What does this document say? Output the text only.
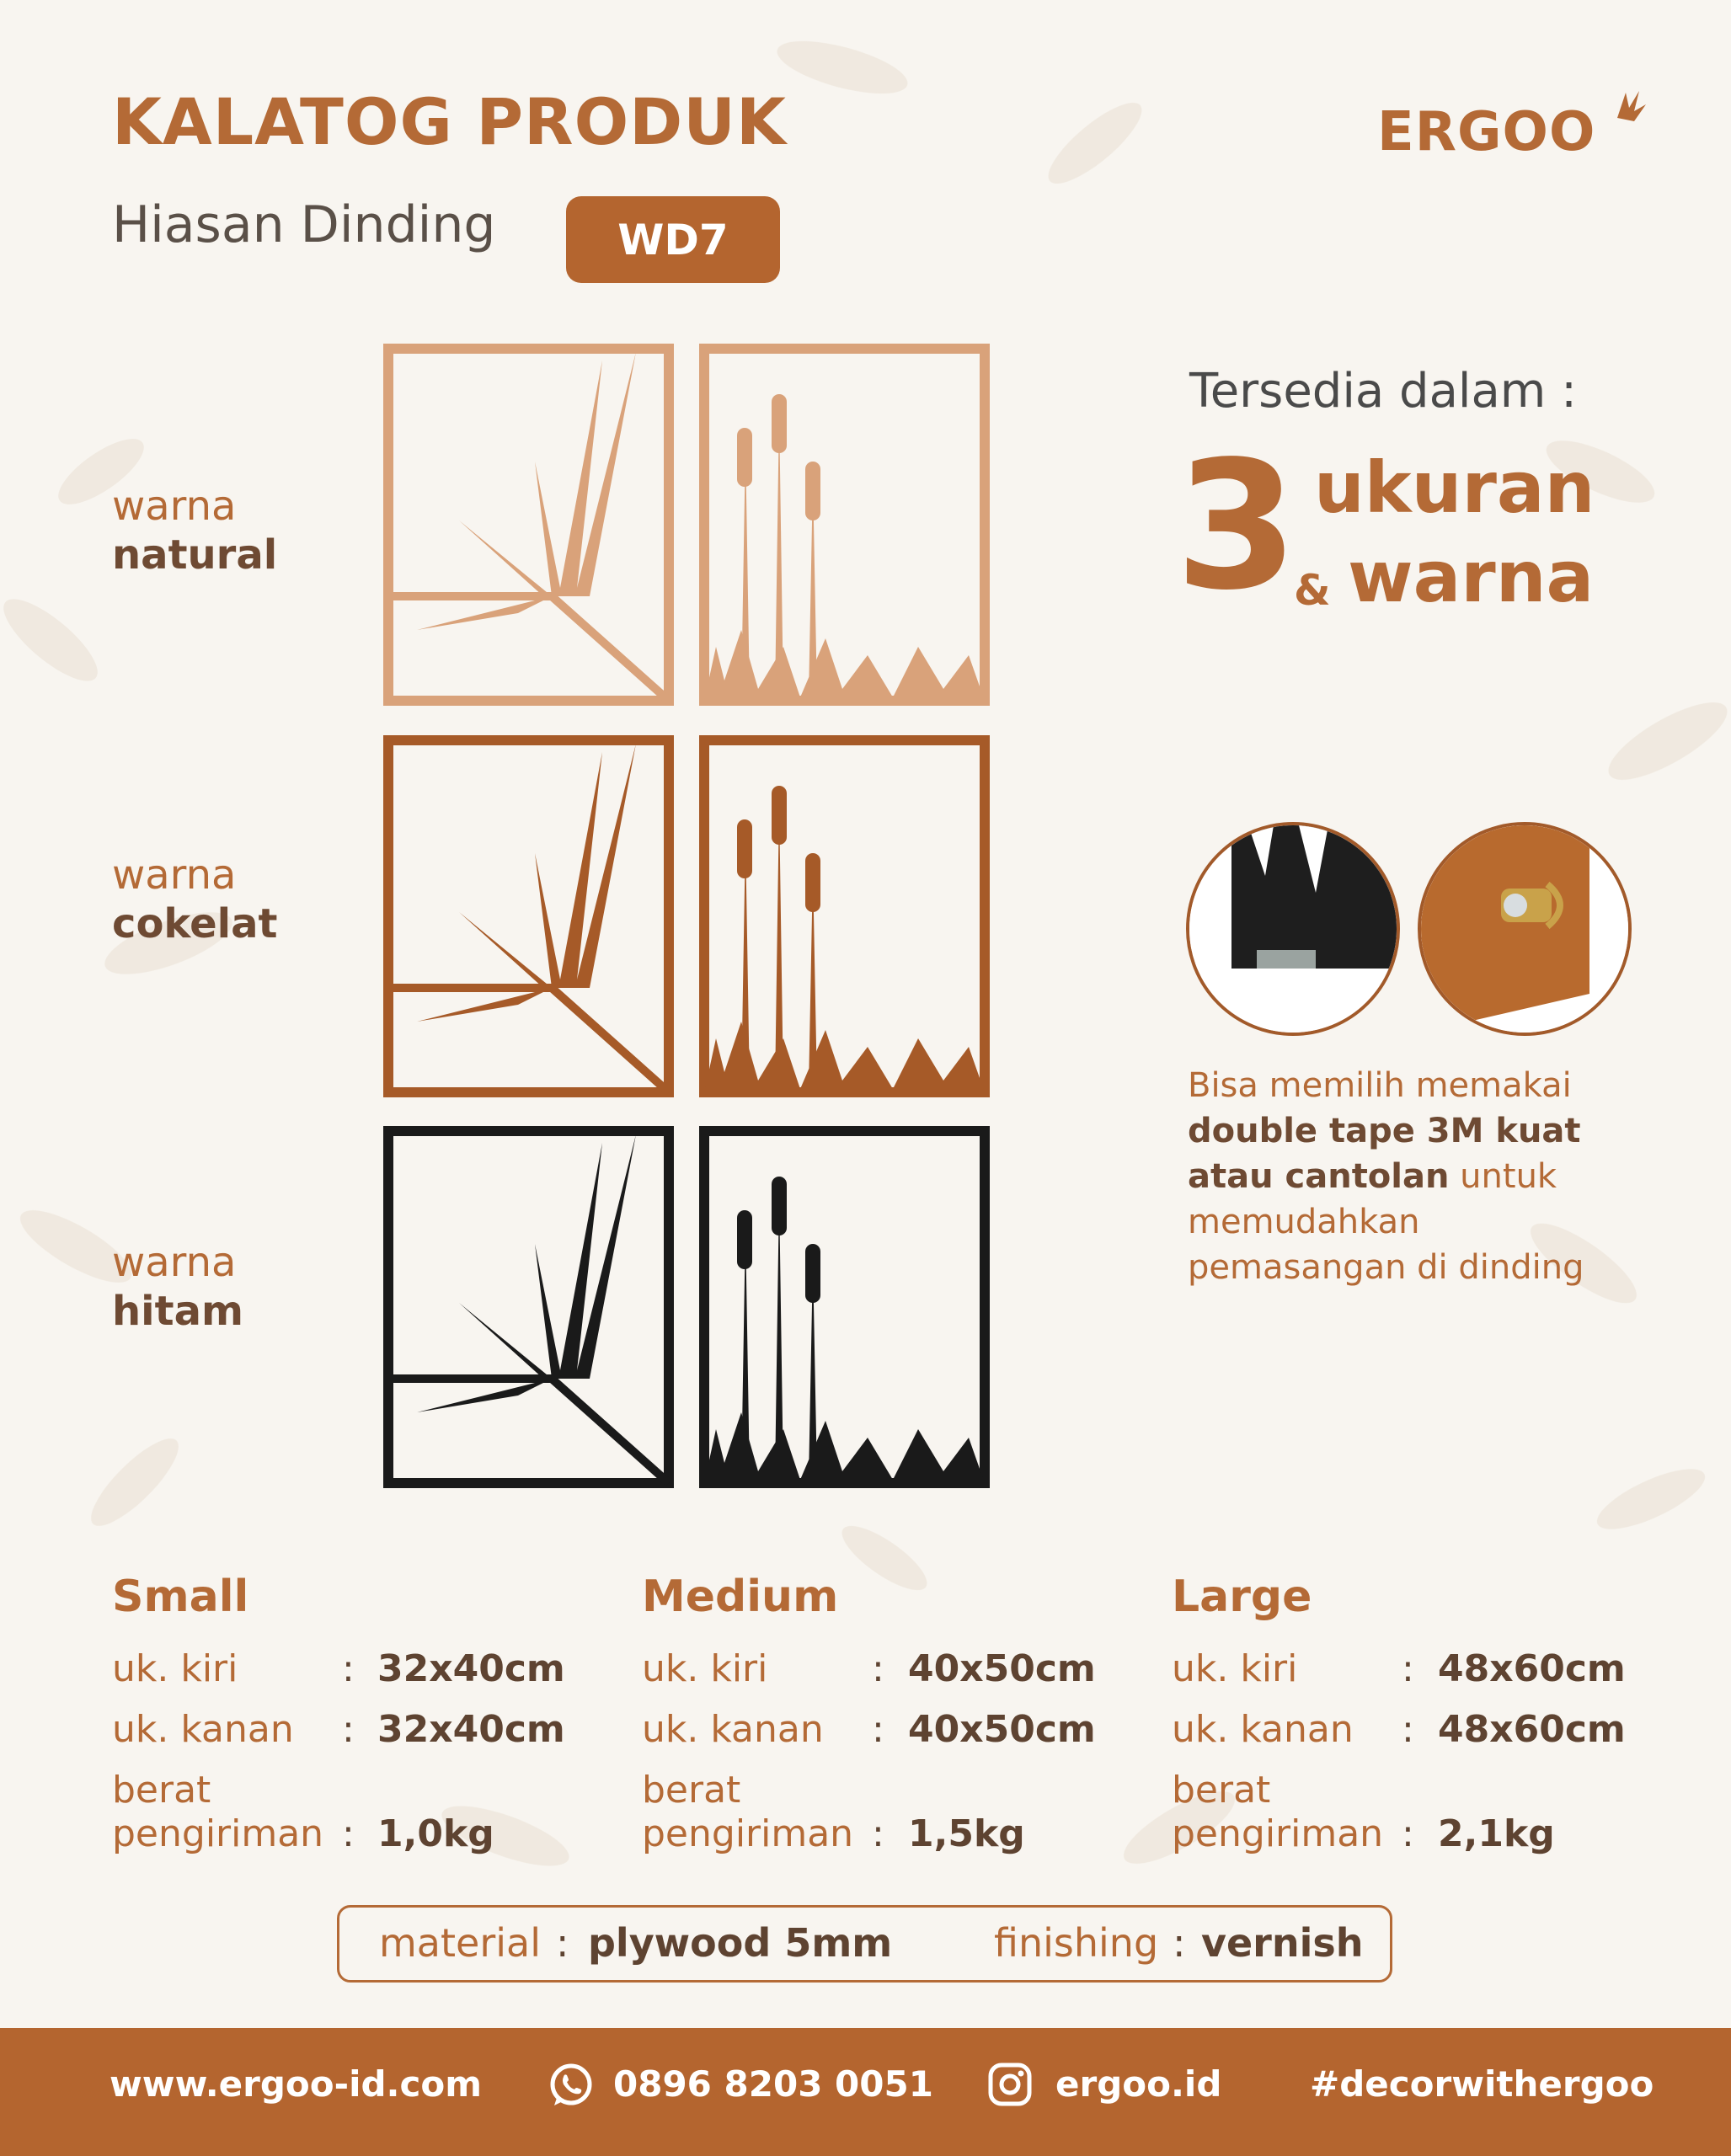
KALATOG PRODUK
Hiasan Dinding	WD7
ERGOO
warna
natural
warna
cokelat
warna
hitam
Tersedia dalam :
3 ukuran
& warna
Bisa memilih memakai
double tape 3M kuat
atau cantolan untuk
memudahkan
pemasangan di dinding
Small	Medium	Large
uk. kiri	: 32x40cm
uk. kanan : 32x40cm
berat
pengiriman : 1,0kg
uk. kiri	: 40x50cm
uk. kanan : 40x50cm
berat
pengiriman : 1,5kg
uk. kiri	: 48x60cm
uk. kanan : 48x60cm
berat
pengiriman : 2,1kg
material : plywood 5mm	finishing : vernish
www.ergoo-id.com	0896 8203 0051	ergoo.id #decorwithergoo
